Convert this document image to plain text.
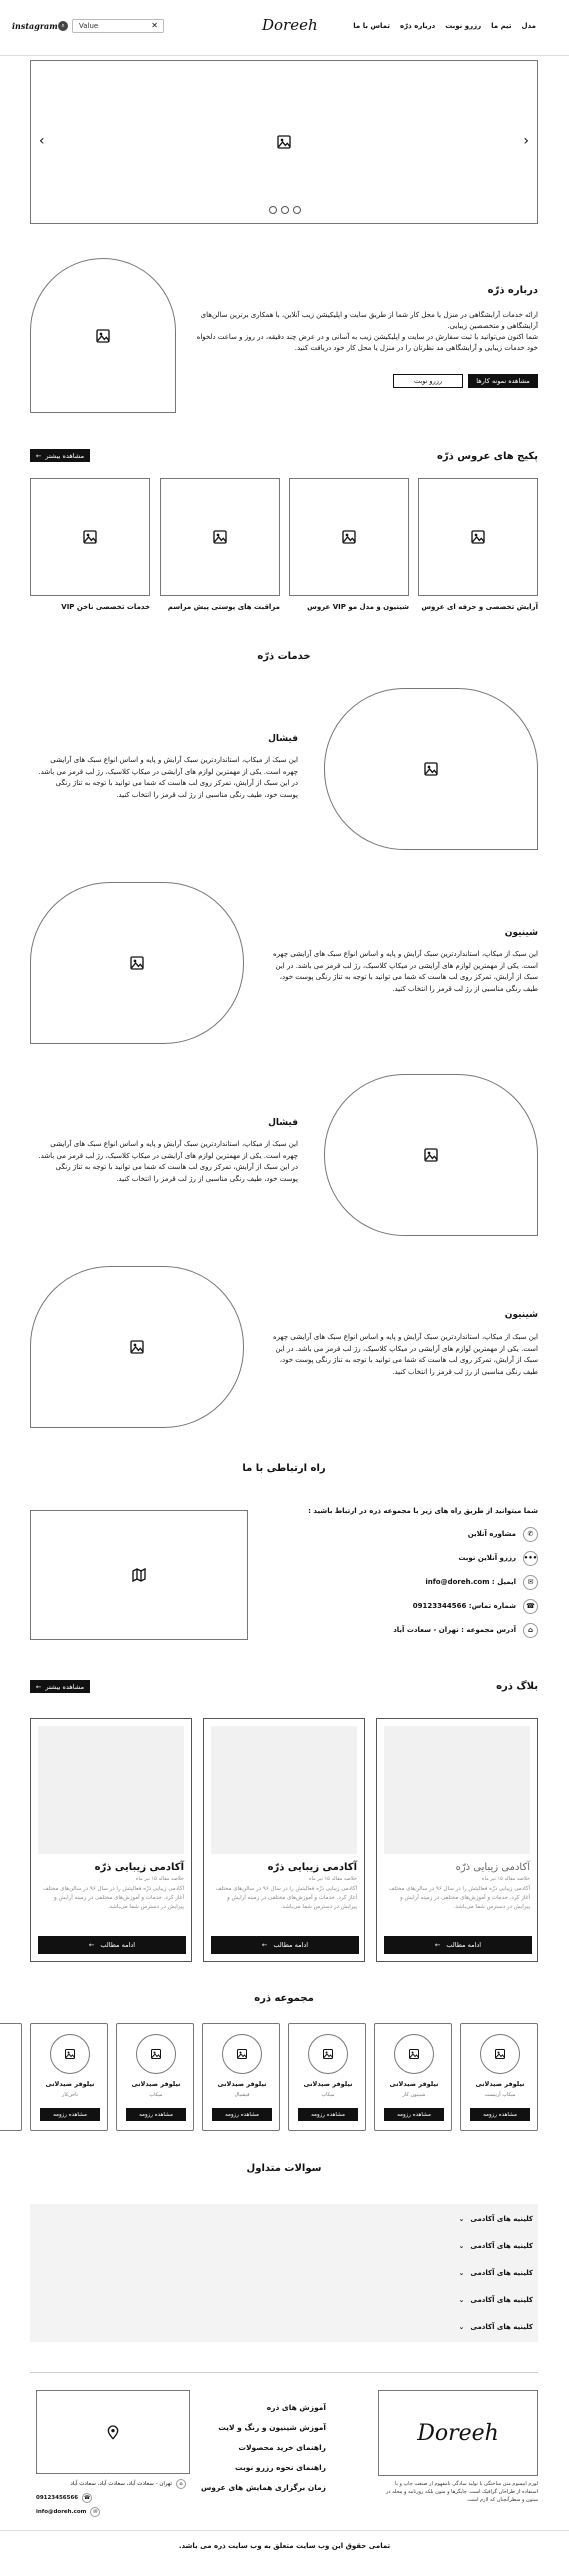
instagram ⌕	Value	✕	Doreeh	مدل
تیم ما
رزرو نوبت
درباره ذرّه
تماس با ما
‹	›
درباره ذرّه
ارائه خدمات آرایشگاهی در منزل یا محل کار شما از طریق سایت و اپلیکیشن زیب آنلاین، با همکاری برترین سالن‌های آرایشگاهی و متخصصین زیبایی.
شما اکنون می‌توانید با ثبت سفارش در سایت و اپلیکیشن زیب به آسانی و در عرض چند دقیقه، در روز و ساعت دلخواه خود خدمات زیبایی و آرایشگاهی مد نظرتان را در منزل یا محل کار خود دریافت کنید.
مشاهده نمونه کارها
رزرو نوبت
پکیج های عروس ذرّه
← مشاهده بیشتر
آرایش تخصصی و حرفه ای عروس
شینیون و مدل مو VIP عروس
مراقبت های پوستی پیش مراسم
خدمات تخصصی ناخن VIP
خدمات ذرّه
فیشال
این سبک از میکاپ، استانداردترین سبک آرایش و پایه و اساس انواع سبک های آرایشی چهره است. یکی از مهمترین لوازم های آرایشی در میکاپ کلاسیک، رژ لب قرمز می باشد. در این سبک از آرایش، تمرکز روی لب هاست که شما می توانید با توجه به تناژ رنگی پوست خود، طیف رنگی مناسبی از رژ لب قرمز را انتخاب کنید.
شینیون
این سبک از میکاپ، استانداردترین سبک آرایش و پایه و اساس انواع سبک های آرایشی چهره است. یکی از مهمترین لوازم های آرایشی در میکاپ کلاسیک، رژ لب قرمز می باشد. در این سبک از آرایش، تمرکز روی لب هاست که شما می توانید با توجه به تناژ رنگی پوست خود، طیف رنگی مناسبی از رژ لب قرمز را انتخاب کنید.
فیشال
این سبک از میکاپ، استانداردترین سبک آرایش و پایه و اساس انواع سبک های آرایشی چهره است. یکی از مهمترین لوازم های آرایشی در میکاپ کلاسیک، رژ لب قرمز می باشد. در این سبک از آرایش، تمرکز روی لب هاست که شما می توانید با توجه به تناژ رنگی پوست خود، طیف رنگی مناسبی از رژ لب قرمز را انتخاب کنید.
شینیون
این سبک از میکاپ، استانداردترین سبک آرایش و پایه و اساس انواع سبک های آرایشی چهره است. یکی از مهمترین لوازم های آرایشی در میکاپ کلاسیک، رژ لب قرمز می باشد. در این سبک از آرایش، تمرکز روی لب هاست که شما می توانید با توجه به تناژ رنگی پوست خود، طیف رنگی مناسبی از رژ لب قرمز را انتخاب کنید.
راه ارتباطی با ما
شما میتوانید از طریق راه های زیر با مجموعه ذره در ارتباط باشید :
✆
مشاوره آنلاین
•••
رزرو آنلاین نوبت
✉
ایمیل : info@doreh.com
☎
شماره تماس: 09123344566
⌂
آدرس مجموعه : تهران - سعادت آباد
بلاگ ذره
← مشاهده بیشتر
آکادمی زیبایی ذرّه
خلاصه مقاله ۱۵ تیر ماه
آکادمی زیبایی ذرّه فعالیتش را در سال ۹۶ در سالن‌های مختلف آغاز کرد. خدمات و آموزش‌های مختلفی در زمینه آرایش و پیرایش در دسترس شما می‌باشد.
← ادامه مطالب
آکادمی زیبایی ذرّه
خلاصه مقاله ۱۵ تیر ماه
آکادمی زیبایی ذرّه فعالیتش را در سال ۹۶ در سالن‌های مختلف آغاز کرد. خدمات و آموزش‌های مختلفی در زمینه آرایش و پیرایش در دسترس شما می‌باشد.
← ادامه مطالب
آکادمی زیبایی ذرّه
خلاصه مقاله ۱۵ تیر ماه
آکادمی زیبایی ذرّه فعالیتش را در سال ۹۶ در سالن‌های مختلف آغاز کرد. خدمات و آموزش‌های مختلفی در زمینه آرایش و پیرایش در دسترس شما می‌باشد.
← ادامه مطالب
مجموعه ذره
نیلوفر صیدلانی
میکاپ آرتیست
مشاهده رزومه
نیلوفر صیدلانی
شینیون کار
مشاهده رزومه
نیلوفر صیدلانی
میکاپ
مشاهده رزومه
نیلوفر صیدلانی
فیشیال
مشاهده رزومه
نیلوفر صیدلانی
میکاپ
مشاهده رزومه
نیلوفر صیدلانی
ناخن‌کار
مشاهده رزومه
سوالات متداول
کلینیه های آکادمی
⌄
کلینیه های آکادمی
⌄
کلینیه های آکادمی
⌄
کلینیه های آکادمی
⌄
کلینیه های آکادمی
⌄
Doreeh
لورم ایپسوم متن ساختگی با تولید سادگی نامفهوم از صنعت چاپ و با استفاده از طراحان گرافیک است. چاپگرها و متون بلکه روزنامه و مجله در ستون و سطرآنچنان که لازم است.
آموزش های ذره
آموزش شینیون و رنگ و لایت
راهنمای خرید محصولات
راهنمای نحوه رزرو نوبت
زمان برگزاری همایش های عروس
⌂
تهران - سعادت آباد، سعادت آباد، سعادت آباد
☎
09123456566
✉
info@doreh.com
تمامی حقوق این وب سایت متعلق به وب سایت ذره می باشد.
